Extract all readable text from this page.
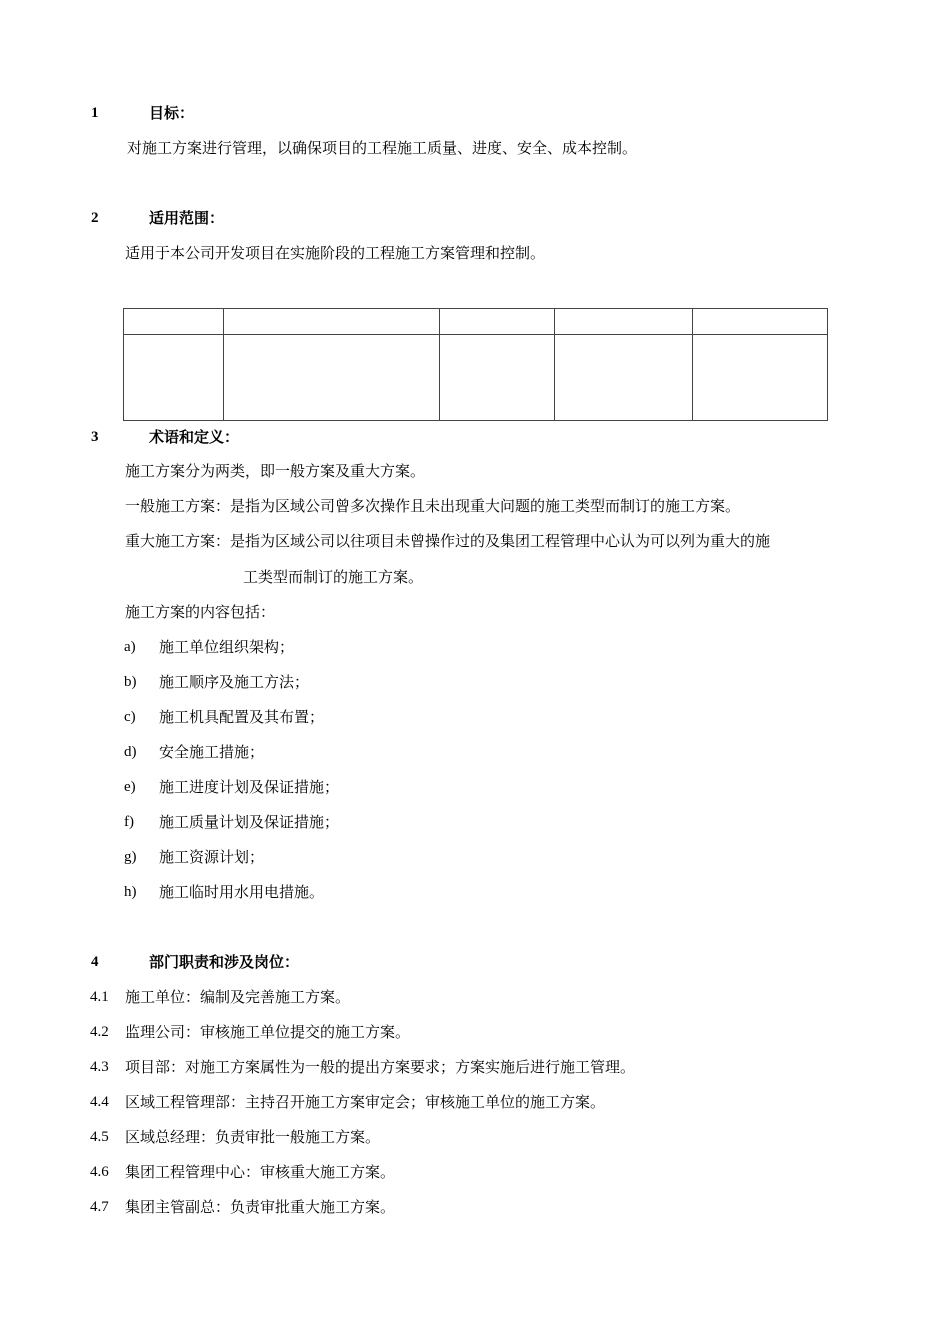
1	目标：
对施工方案进行管理，以确保项目的工程施工质量、进度、安全、成本控制。
2	适用范围：
适用于本公司开发项目在实施阶段的工程施工方案管理和控制。

3	术语和定义：
施工方案分为两类，即一般方案及重大方案。
一般施工方案：是指为区域公司曾多次操作且未出现重大问题的施工类型而制订的施工方案。
重大施工方案：是指为区域公司以往项目未曾操作过的及集团工程管理中心认为可以列为重大的施
工类型而制订的施工方案。
施工方案的内容包括：
a) 施工单位组织架构；
b) 施工顺序及施工方法；
c) 施工机具配置及其布置；
d) 安全施工措施；
e) 施工进度计划及保证措施；
f) 施工质量计划及保证措施；
g) 施工资源计划；
h) 施工临时用水用电措施。
4	部门职责和涉及岗位：
4.1 施工单位：编制及完善施工方案。
4.2 监理公司：审核施工单位提交的施工方案。
4.3 项目部：对施工方案属性为一般的提出方案要求；方案实施后进行施工管理。
4.4 区域工程管理部：主持召开施工方案审定会；审核施工单位的施工方案。
4.5 区域总经理：负责审批一般施工方案。
4.6 集团工程管理中心：审核重大施工方案。
4.7 集团主管副总：负责审批重大施工方案。
